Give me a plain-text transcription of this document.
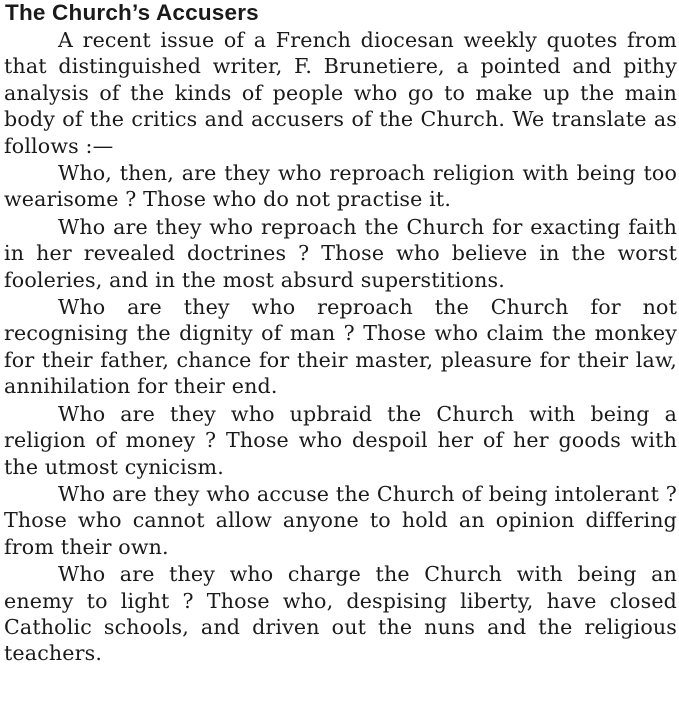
The Church’s Accusers

A recent issue of a French diocesan weekly quotes from that distinguished writer, F. Brunetiere, a pointed and pithy analysis of the kinds of people who go to make up the main body of the critics and accusers of the Church. We translate as follows :—

Who, then, are they who reproach religion with being too wearisome ? Those who do not practise it.

Who are they who reproach the Church for exacting faith in her revealed doctrines ? Those who believe in the worst fooleries, and in the most absurd superstitions.

Who are they who reproach the Church for not recognising the dignity of man ? Those who claim the monkey for their father, chance for their master, pleasure for their law, annihilation for their end.

Who are they who upbraid the Church with being a religion of money ? Those who despoil her of her goods with the utmost cynicism.

Who are they who accuse the Church of being intolerant ? Those who cannot allow anyone to hold an opinion differing from their own.

Who are they who charge the Church with being an enemy to light ? Those who, despising liberty, have closed Catholic schools, and driven out the nuns and the religious teachers.
